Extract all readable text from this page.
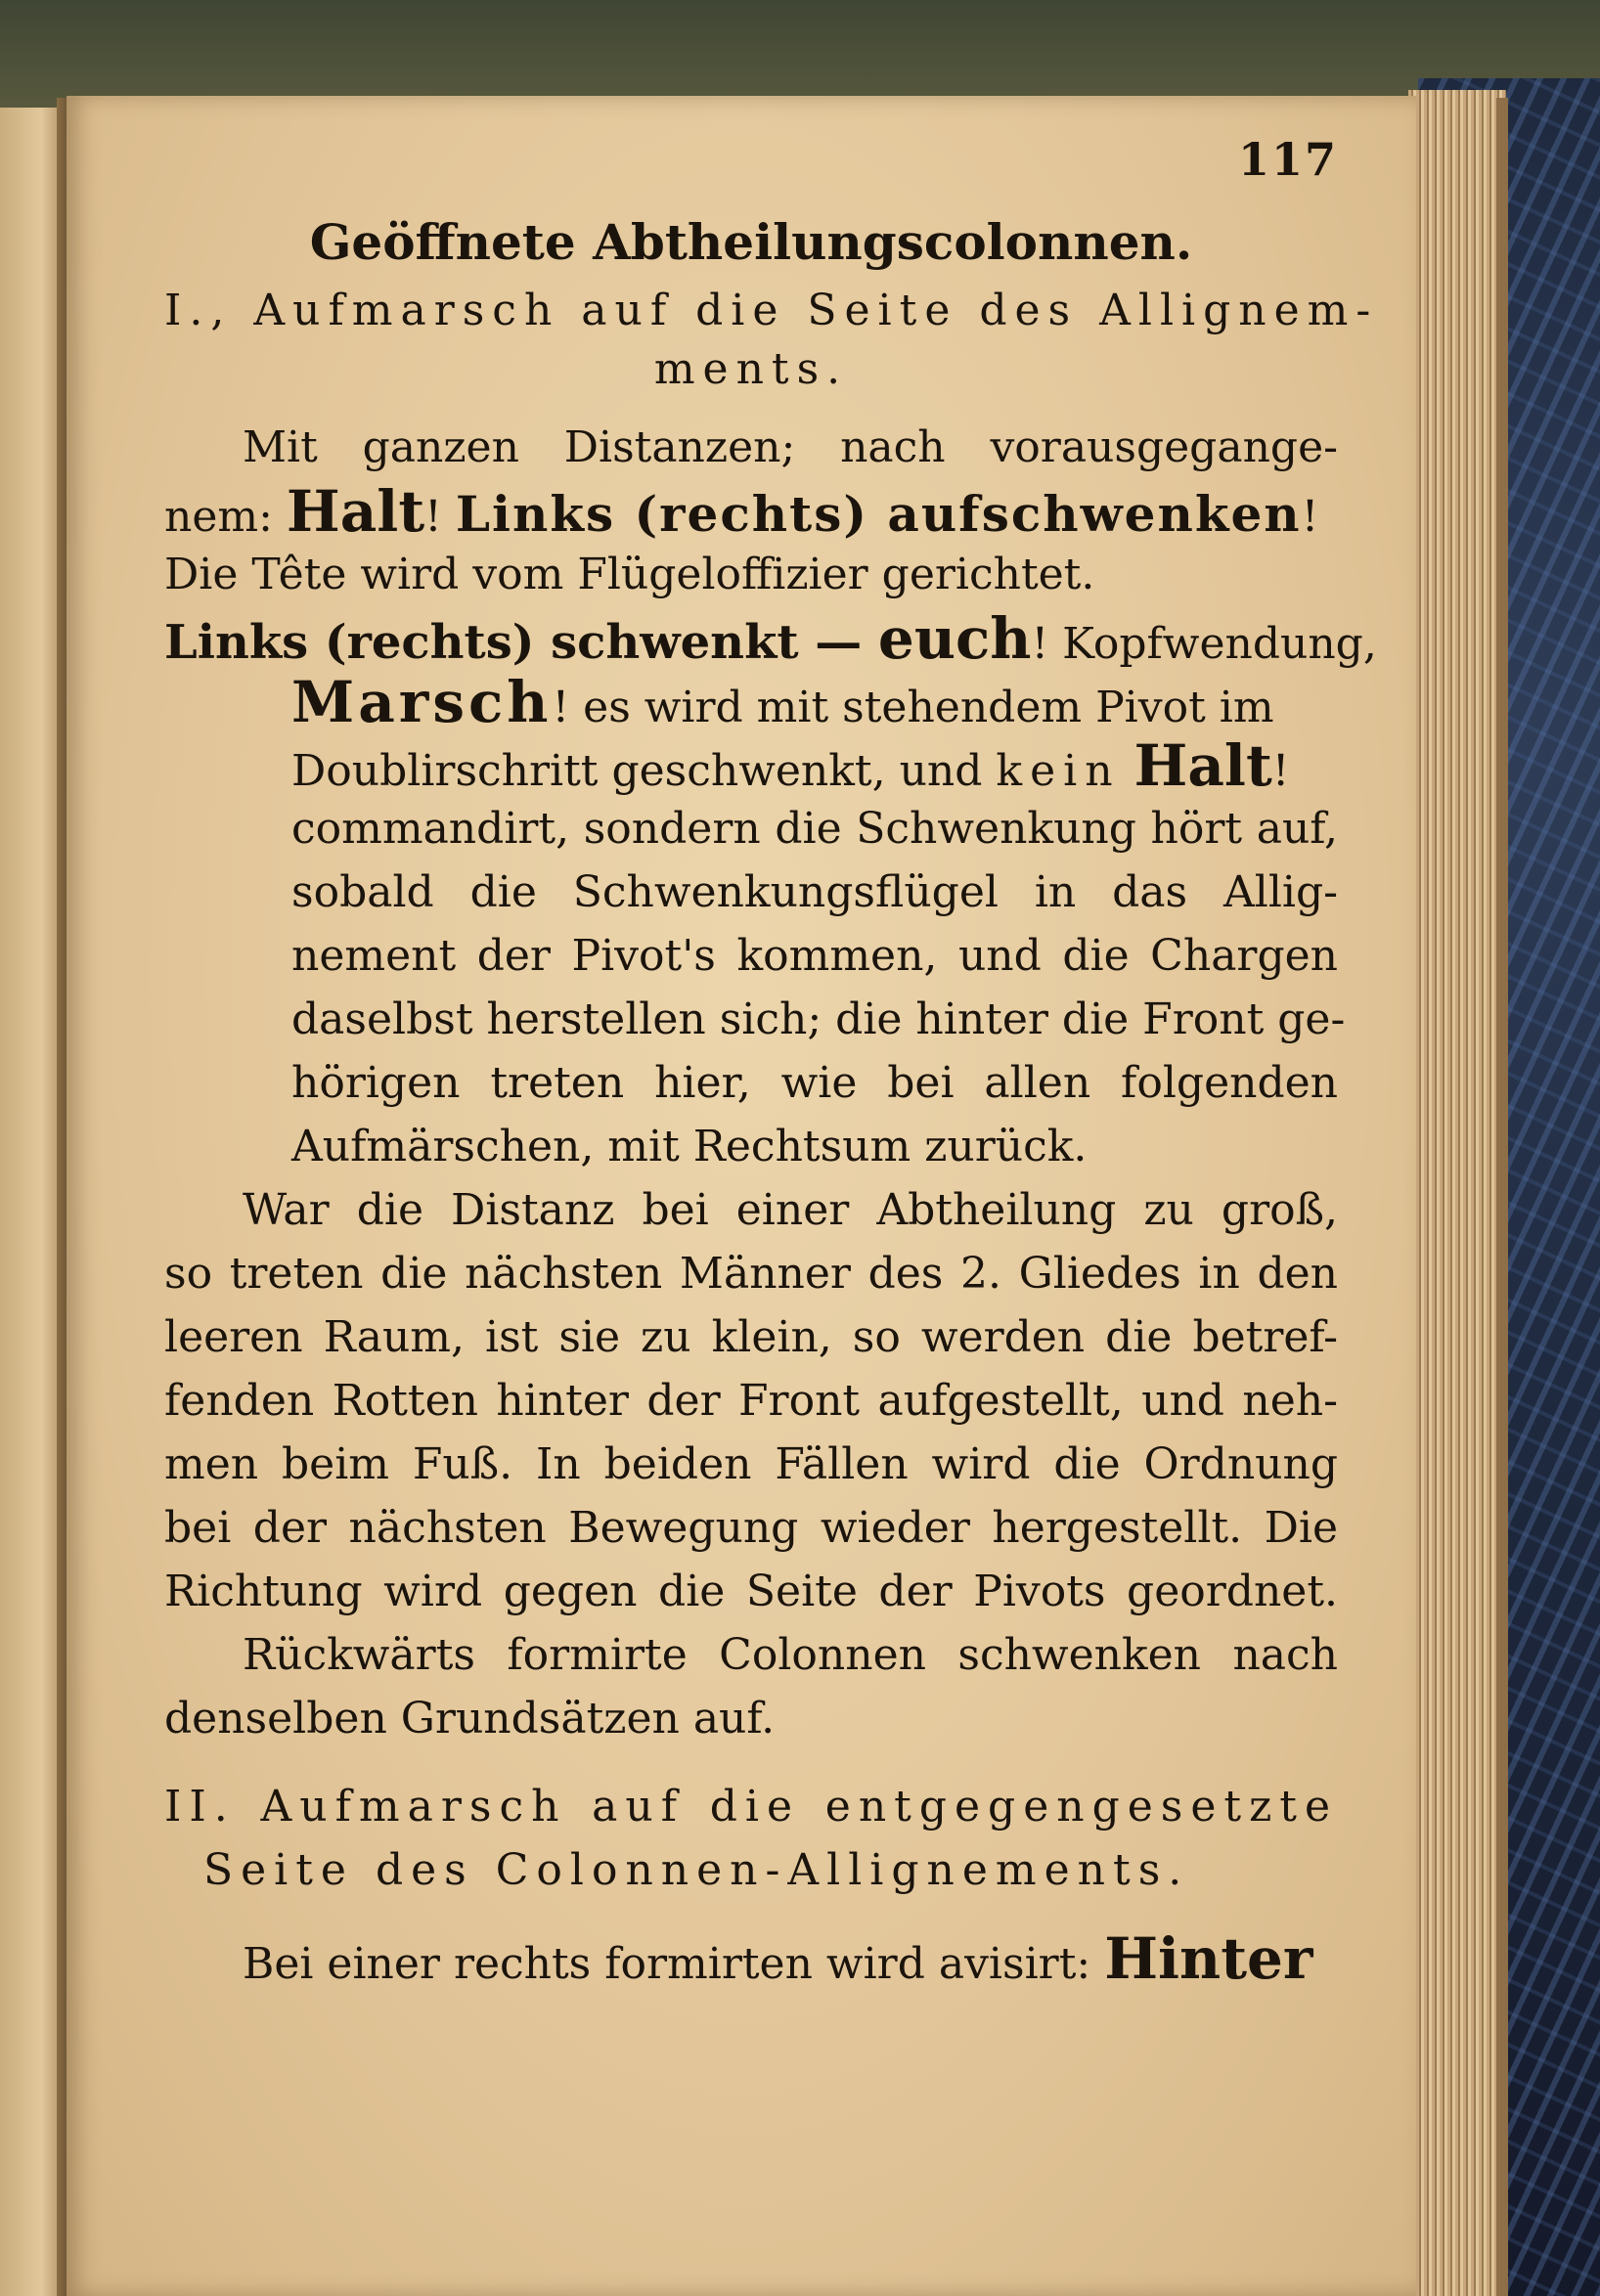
117
Geöffnete Abtheilungscolonnen.
I., Aufmarsch auf die Seite des Allignem-
ments.
Mit ganzen Distanzen; nach vorausgegange-
nem: Halt! Links (rechts) aufschwenken!
Die Tête wird vom Flügeloffizier gerichtet.
Links (rechts) schwenkt — euch! Kopfwendung,
Marsch! es wird mit stehendem Pivot im
Doublirschritt geschwenkt, und kein Halt!
commandirt, sondern die Schwenkung hört auf,
sobald die Schwenkungsflügel in das Allig-
nement der Pivot's kommen, und die Chargen
daselbst herstellen sich; die hinter die Front ge-
hörigen treten hier, wie bei allen folgenden
Aufmärschen, mit Rechtsum zurück.
War die Distanz bei einer Abtheilung zu groß,
so treten die nächsten Männer des 2. Gliedes in den
leeren Raum, ist sie zu klein, so werden die betref-
fenden Rotten hinter der Front aufgestellt, und neh-
men beim Fuß. In beiden Fällen wird die Ordnung
bei der nächsten Bewegung wieder hergestellt. Die
Richtung wird gegen die Seite der Pivots geordnet.
Rückwärts formirte Colonnen schwenken nach
denselben Grundsätzen auf.
II. Aufmarsch auf die entgegengesetzte
Seite des Colonnen-Allignements.
Bei einer rechts formirten wird avisirt: Hinter
